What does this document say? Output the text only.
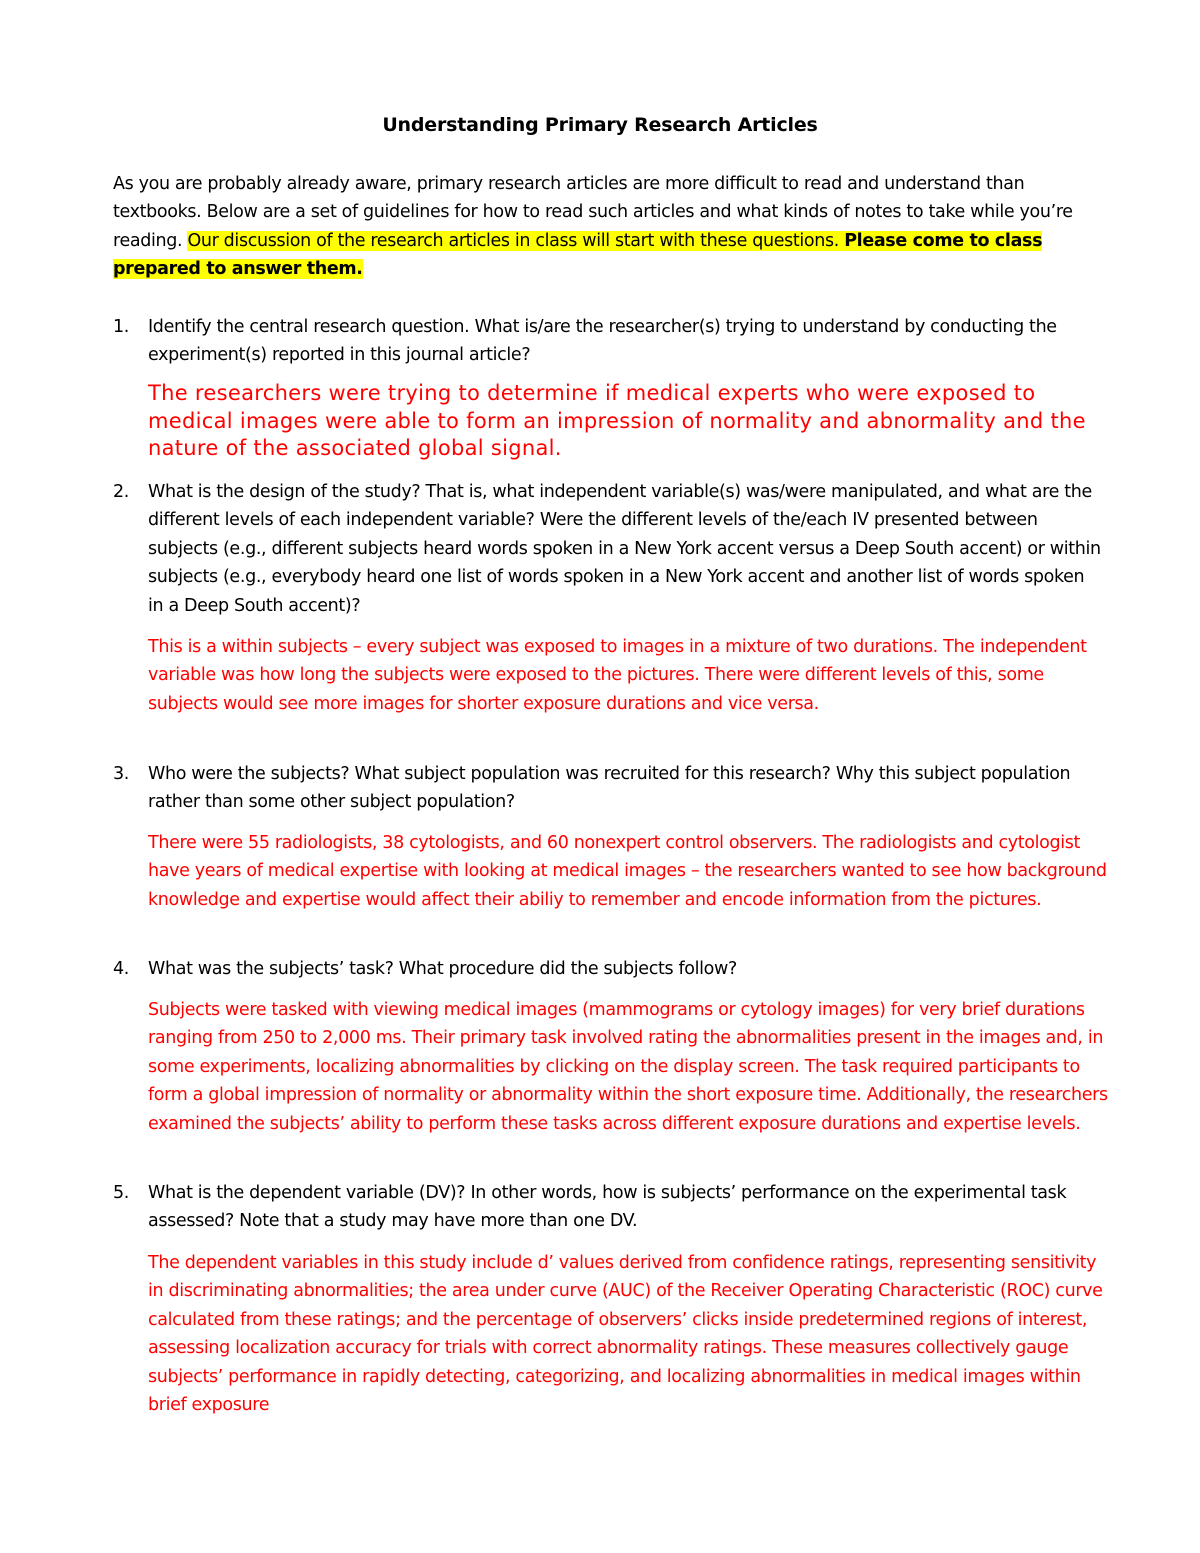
Understanding Primary Research Articles
As you are probably already aware, primary research articles are more difficult to read and understand than textbooks. Below are a set of guidelines for how to read such articles and what kinds of notes to take while you’re reading. Our discussion of the research articles in class will start with these questions. Please come to class prepared to answer them.
1.	Identify the central research question. What is/are the researcher(s) trying to understand by conducting the experiment(s) reported in this journal article?
The researchers were trying to determine if medical experts who were exposed to medical images were able to form an impression of normality and abnormality and the nature of the associated global signal.
2.	What is the design of the study? That is, what independent variable(s) was/were manipulated, and what are the different levels of each independent variable? Were the different levels of the/each IV presented between subjects (e.g., different subjects heard words spoken in a New York accent versus a Deep South accent) or within subjects (e.g., everybody heard one list of words spoken in a New York accent and another list of words spoken in a Deep South accent)?
This is a within subjects – every subject was exposed to images in a mixture of two durations. The independent variable was how long the subjects were exposed to the pictures. There were different levels of this, some subjects would see more images for shorter exposure durations and vice versa.
3.	Who were the subjects? What subject population was recruited for this research? Why this subject population rather than some other subject population?
There were 55 radiologists, 38 cytologists, and 60 nonexpert control observers. The radiologists and cytologist have years of medical expertise with looking at medical images – the researchers wanted to see how background knowledge and expertise would affect their abiliy to remember and encode information from the pictures.
4.	What was the subjects’ task? What procedure did the subjects follow?
Subjects were tasked with viewing medical images (mammograms or cytology images) for very brief durations ranging from 250 to 2,000 ms. Their primary task involved rating the abnormalities present in the images and, in some experiments, localizing abnormalities by clicking on the display screen. The task required participants to form a global impression of normality or abnormality within the short exposure time. Additionally, the researchers examined the subjects’ ability to perform these tasks across different exposure durations and expertise levels.
5.	What is the dependent variable (DV)? In other words, how is subjects’ performance on the experimental task assessed? Note that a study may have more than one DV.
The dependent variables in this study include d’ values derived from confidence ratings, representing sensitivity in discriminating abnormalities; the area under curve (AUC) of the Receiver Operating Characteristic (ROC) curve calculated from these ratings; and the percentage of observers’ clicks inside predetermined regions of interest, assessing localization accuracy for trials with correct abnormality ratings. These measures collectively gauge subjects’ performance in rapidly detecting, categorizing, and localizing abnormalities in medical images within brief exposure
